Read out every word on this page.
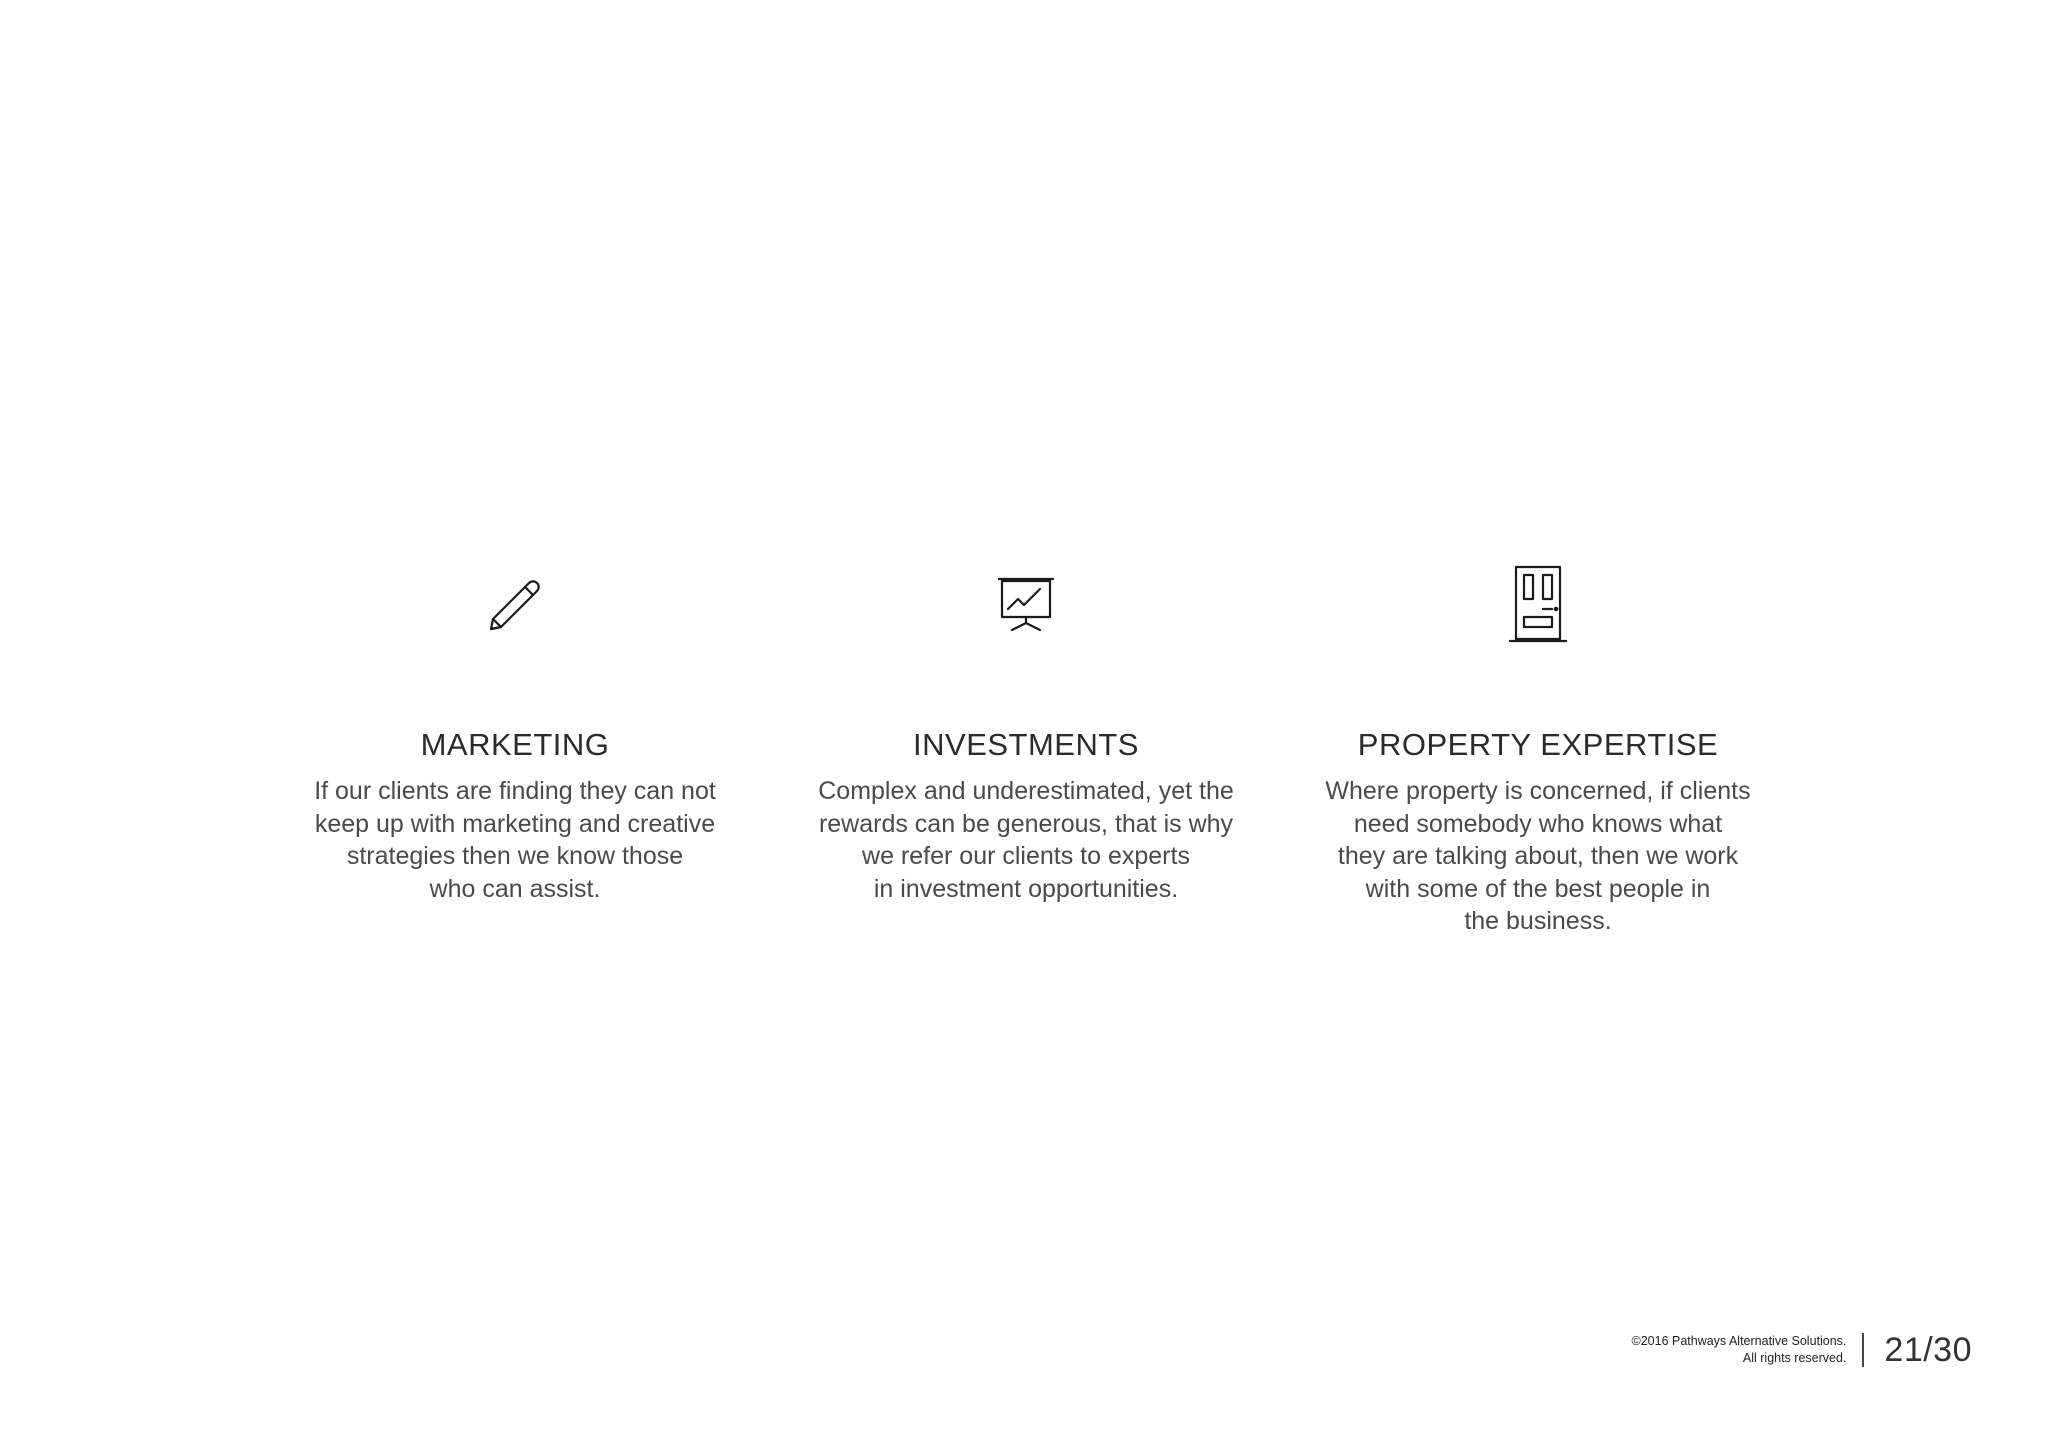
MARKETING
If our clients are finding they can not
keep up with marketing and creative
strategies then we know those
who can assist.
INVESTMENTS
Complex and underestimated, yet the
rewards can be generous, that is why
we refer our clients to experts
in investment opportunities.
PROPERTY EXPERTISE
Where property is concerned, if clients
need somebody who knows what
they are talking about, then we work
with some of the best people in
the business.
©2016 Pathways Alternative Solutions.
All rights reserved. 21/30
